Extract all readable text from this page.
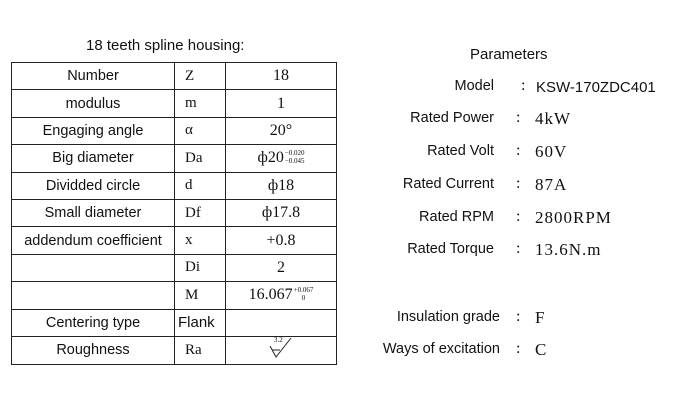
18 teeth spline housing:
Parameters
Number	Z	18
modulus	m	1
Engaging angle	α	20°
Big diameter	Da	ф20 −0.020
−0.045

Dividded circle	d	ф18
Small diameter	Df	ф17.8
addendum coefficient	x	+0.8
	Di	2
	M	16.067 +0.067
0

Centering type	Flank	
Roughness	Ra	3.2
Model : KSW-170ZDC401
Rated Power : 4kW
Rated Volt : 60V
Rated Current : 87A
Rated RPM : 2800RPM
Rated Torque : 13.6N.m
Insulation grade : F
Ways of excitation : C
